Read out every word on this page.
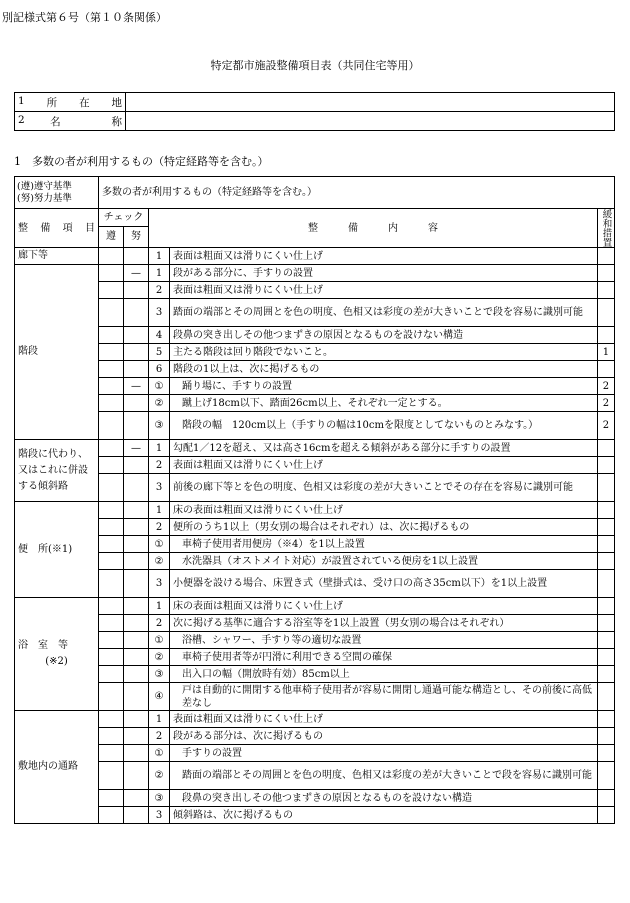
別記様式第６号（第１０条関係）
特定都市施設整備項目表（共同住宅等用）
1 所 在 地	

2 名 称	

1　多数の者が利用するもの（特定経路等を含む。）
(遵)遵守基準
(努)努力基準	多数の者が利用するもの（特定経路等を含む。）				

整 備 項 目	チェック		整　　　備　　　内　　　容		緩和措置

	遵	努			

廊下等			1	表面は粗面又は滑りにくい仕上げ	

階段		—	1	段がある部分に、手すりの設置	
			2	表面は粗面又は滑りにくい仕上げ	
			3	踏面の端部とその周囲とを色の明度、色相又は彩度の差が大きいことで段を容易に識別可能	
			4	段鼻の突き出しその他つまずきの原因となるものを設けない構造	
			5	主たる階段は回り階段でないこと。	1
			6	階段の1以上は、次に掲げるもの	
		—	①	踊り場に、手すりの設置	2
			②	蹴上げ18cm以下、踏面26cm以上、それぞれ一定とする。	2
			③	階段の幅　120cm以上（手すりの幅は10cmを限度としてないものとみなす。）	2

階段に代わり、又はこれに併設する傾斜路		—	1	勾配1／12を超え、又は高さ16cmを超える傾斜がある部分に手すりの設置	
			2	表面は粗面又は滑りにくい仕上げ	
			3	前後の廊下等とを色の明度、色相又は彩度の差が大きいことでその存在を容易に識別可能	

便　所(※1)			1	床の表面は粗面又は滑りにくい仕上げ	
			2	便所のうち1以上（男女別の場合はそれぞれ）は、次に掲げるもの	
			①	車椅子使用者用便房（※4）を1以上設置	
			②	水洗器具（オストメイト対応）が設置されている便房を1以上設置	
			3	小便器を設ける場合、床置き式（壁掛式は、受け口の高さ35cm以下）を1以上設置	

浴　室　等
(※2)			1	床の表面は粗面又は滑りにくい仕上げ	
			2	次に掲げる基準に適合する浴室等を1以上設置（男女別の場合はそれぞれ）	
			①	浴槽、シャワー、手すり等の適切な設置	
			②	車椅子使用者等が円滑に利用できる空間の確保	
			③	出入口の幅（開放時有効）85cm以上	
			④	戸は自動的に開閉する他車椅子使用者が容易に開閉し通過可能な構造とし、その前後に高低差なし	

敷地内の通路			1	表面は粗面又は滑りにくい仕上げ	
			2	段がある部分は、次に掲げるもの	
			①	手すりの設置	
			②	踏面の端部とその周囲とを色の明度、色相又は彩度の差が大きいことで段を容易に識別可能	
			③	段鼻の突き出しその他つまずきの原因となるものを設けない構造	
			3	傾斜路は、次に掲げるもの	
